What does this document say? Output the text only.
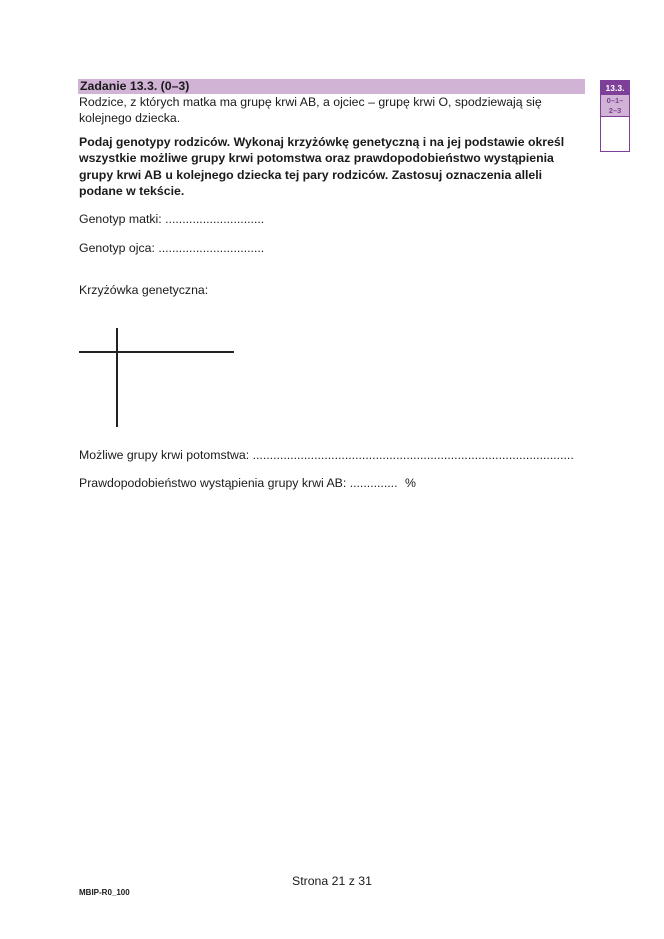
Zadanie 13.3. (0–3)
Rodzice, z których matka ma grupę krwi AB, a ojciec – grupę krwi O, spodziewają się kolejnego dziecka.
Podaj genotypy rodziców. Wykonaj krzyżówkę genetyczną i na jej podstawie określ wszystkie możliwe grupy krwi potomstwa oraz prawdopodobieństwo wystąpienia grupy krwi AB u kolejnego dziecka tej pary rodziców. Zastosuj oznaczenia alleli podane w tekście.
13.3.
0–1–
2–3
Genotyp matki: .............................
Genotyp ojca: ...............................
Krzyżówka genetyczna:
Możliwe grupy krwi potomstwa: ..............................................................................................
Prawdopodobieństwo wystąpienia grupy krwi AB: .............. %
Strona 21 z 31
MBIP-R0_100
